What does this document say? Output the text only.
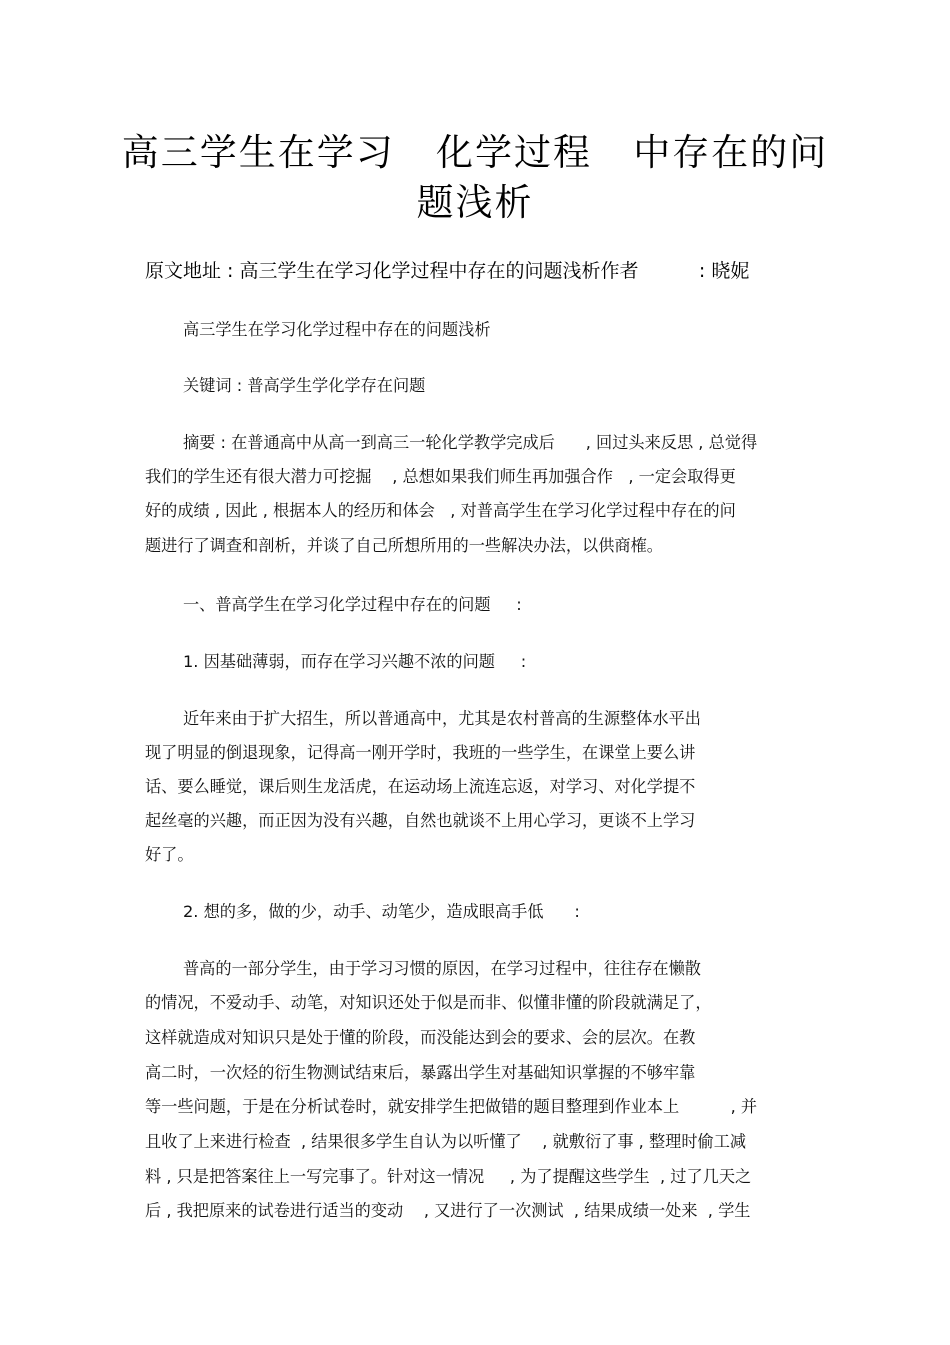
高三学生在学习   化学过程   中存在的问
题浅析
原文地址 : 高三学生在学习化学过程中存在的问题浅析作者          : 晓妮
高三学生在学习化学过程中存在的问题浅析
关键词 : 普高学生学化学存在问题
摘要 : 在普通高中从高一到高三一轮化学教学完成后      , 回过头来反思 , 总觉得
我们的学生还有很大潜力可挖掘    , 总想如果我们师生再加强合作   , 一定会取得更
好的成绩 , 因此 , 根据本人的经历和体会   , 对普高学生在学习化学过程中存在的问
题进行了调查和剖析，并谈了自己所想所用的一些解决办法，以供商榷。
一、普高学生在学习化学过程中存在的问题     :
1. 因基础薄弱，而存在学习兴趣不浓的问题     :
近年来由于扩大招生，所以普通高中，尤其是农村普高的生源整体水平出
现了明显的倒退现象，记得高一刚开学时，我班的一些学生，在课堂上要么讲
话、要么睡觉，课后则生龙活虎，在运动场上流连忘返，对学习、对化学提不
起丝毫的兴趣，而正因为没有兴趣，自然也就谈不上用心学习，更谈不上学习
好了。
2. 想的多，做的少，动手、动笔少，造成眼高手低      :
普高的一部分学生，由于学习习惯的原因，在学习过程中，往往存在懒散
的情况，不爱动手、动笔，对知识还处于似是而非、似懂非懂的阶段就满足了，
这样就造成对知识只是处于懂的阶段，而没能达到会的要求、会的层次。在教
高二时，一次烃的衍生物测试结束后，暴露出学生对基础知识掌握的不够牢靠
等一些问题，于是在分析试卷时，就安排学生把做错的题目整理到作业本上          , 并
且收了上来进行检查  , 结果很多学生自认为以听懂了    , 就敷衍了事 , 整理时偷工减
料 , 只是把答案往上一写完事了。针对这一情况     , 为了提醒这些学生  , 过了几天之
后 , 我把原来的试卷进行适当的变动    , 又进行了一次测试  , 结果成绩一处来  , 学生
